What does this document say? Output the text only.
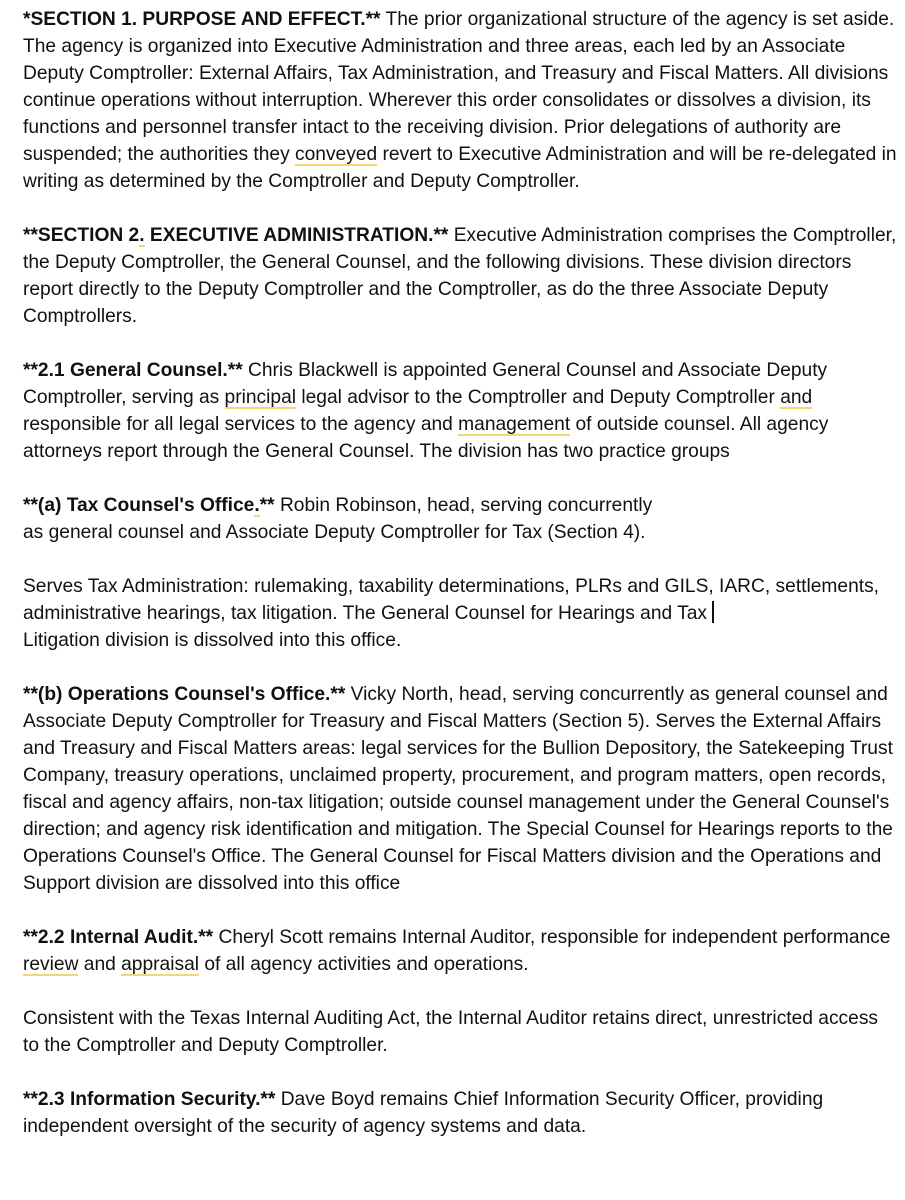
*SECTION 1. PURPOSE AND EFFECT.** The prior organizational structure of the agency is set aside. The agency is organized into Executive Administration and three areas, each led by an Associate Deputy Comptroller: External Affairs, Tax Administration, and Treasury and Fiscal Matters. All divisions continue operations without interruption. Wherever this order consolidates or dissolves a division, its functions and personnel transfer intact to the receiving division. Prior delegations of authority are suspended; the authorities they conveyed revert to Executive Administration and will be re-delegated in writing as determined by the Comptroller and Deputy Comptroller.

**SECTION 2. EXECUTIVE ADMINISTRATION.** Executive Administration comprises the Comptroller, the Deputy Comptroller, the General Counsel, and the following divisions. These division directors report directly to the Deputy Comptroller and the Comptroller, as do the three Associate Deputy Comptrollers.

**2.1 General Counsel.** Chris Blackwell is appointed General Counsel and Associate Deputy Comptroller, serving as principal legal advisor to the Comptroller and Deputy Comptroller and responsible for all legal services to the agency and management of outside counsel. All agency attorneys report through the General Counsel. The division has two practice groups

**(a) Tax Counsel's Office.** Robin Robinson, head, serving concurrently
as general counsel and Associate Deputy Comptroller for Tax (Section 4).

Serves Tax Administration: rulemaking, taxability determinations, PLRs and GILS, IARC, settlements, administrative hearings, tax litigation. The General Counsel for Hearings and Tax
Litigation division is dissolved into this office.

**(b) Operations Counsel's Office.** Vicky North, head, serving concurrently as general counsel and Associate Deputy Comptroller for Treasury and Fiscal Matters (Section 5). Serves the External Affairs and Treasury and Fiscal Matters areas: legal services for the Bullion Depository, the Satekeeping Trust Company, treasury operations, unclaimed property, procurement, and program matters, open records, fiscal and agency affairs, non-tax litigation; outside counsel management under the General Counsel's direction; and agency risk identification and mitigation. The Special Counsel for Hearings reports to the Operations Counsel's Office. The General Counsel for Fiscal Matters division and the Operations and Support division are dissolved into this office

**2.2 Internal Audit.** Cheryl Scott remains Internal Auditor, responsible for independent performance review and appraisal of all agency activities and operations.

Consistent with the Texas Internal Auditing Act, the Internal Auditor retains direct, unrestricted access to the Comptroller and Deputy Comptroller.

**2.3 Information Security.** Dave Boyd remains Chief Information Security Officer, providing independent oversight of the security of agency systems and data.
